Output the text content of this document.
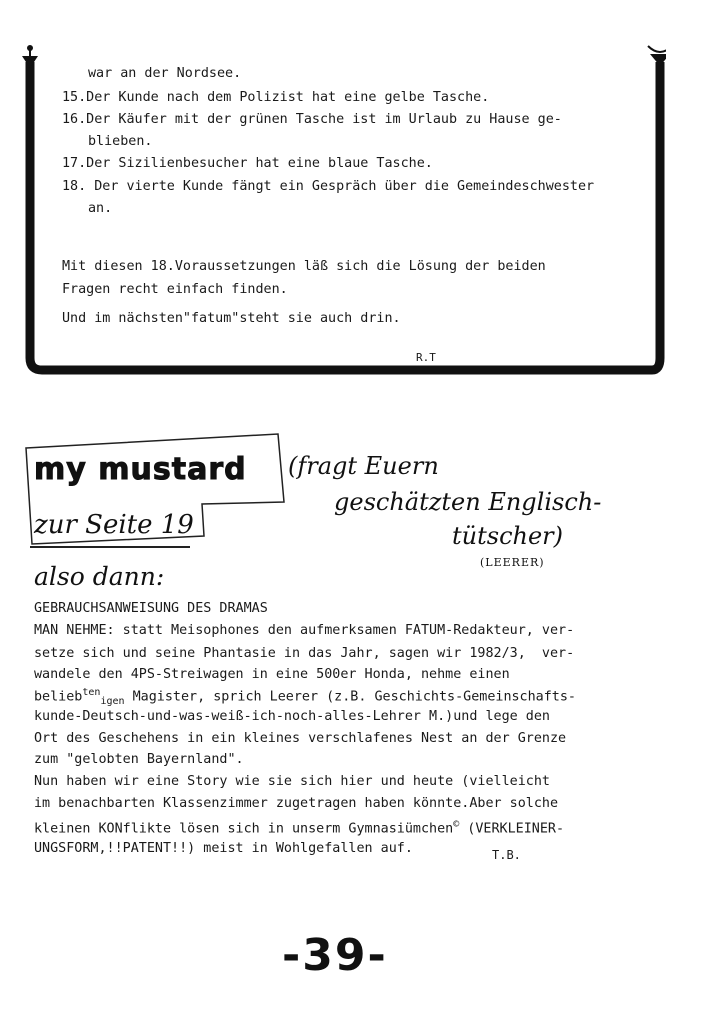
war an der Nordsee.
15.Der Kunde nach dem Polizist hat eine gelbe Tasche.
16.Der Käufer mit der grünen Tasche ist im Urlaub zu Hause ge-
blieben.
17.Der Sizilienbesucher hat eine blaue Tasche.
18. Der vierte Kunde fängt ein Gespräch über die Gemeindeschwester
an.
Mit diesen 18.Voraussetzungen läß sich die Lösung der beiden
Fragen recht einfach finden.
Und im nächsten"fatum"steht sie auch drin.
R.T
my mustard
zur Seite 19
(fragt Euern
geschätzten Englisch-
tütscher)
(LEERER)
also dann:
GEBRAUCHSANWEISUNG DES DRAMAS
MAN NEHME: statt Meisophones den aufmerksamen FATUM-Redakteur, ver-
setze sich und seine Phantasie in das Jahr, sagen wir 1982/3,  ver-
wandele den 4PS-Streiwagen in eine 500er Honda, nehme einen
belieb$^{ten}_{igen}$ Magister, sprich Leerer (z.B. Geschichts-Gemeinschafts-
kunde-Deutsch-und-was-weiß-ich-noch-alles-Lehrer M.)und lege den
Ort des Geschehens in ein kleines verschlafenes Nest an der Grenze
zum "gelobten Bayernland".
Nun haben wir eine Story wie sie sich hier und heute (vielleicht
im benachbarten Klassenzimmer zugetragen haben könnte.Aber solche
kleinen KONflikte lösen sich in unserm Gymnasiümchen© (VERKLEINER-
UNGSFORM,!!PATENT!!) meist in Wohlgefallen auf.	T.B.
-39-
